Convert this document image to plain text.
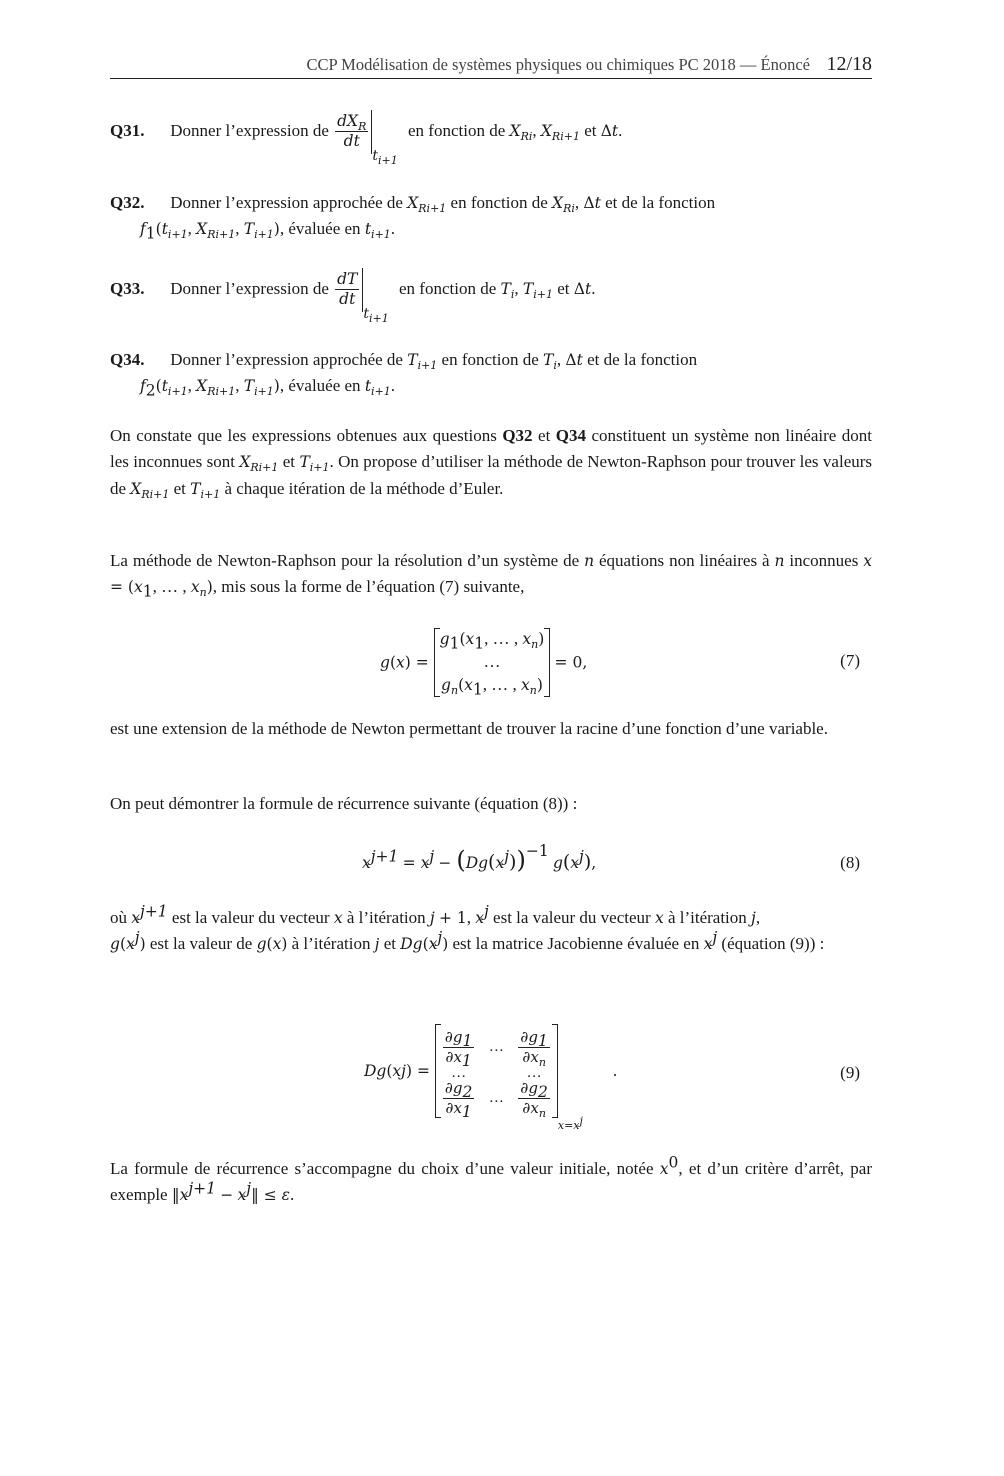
CCP Modélisation de systèmes physiques ou chimiques PC 2018 — Énoncé 12/18
Q31. Donner l’expression de $\frac{dX_R}{dt}$
$t_{i+1}$ en fonction de $X_{Ri}$, $X_{Ri+1}$ et Δt.
Q32. Donner l’expression approchée de $X_{Ri+1}$ en fonction de $X_{Ri}$, Δt et de la fonction
$f_1(t_{i+1}$, $X_{Ri+1}$, $T_{i+1}$), évaluée en $t_{i+1}$.
Q33. Donner l’expression de $\frac{dT}{dt}$
$t_{i+1}$ en fonction de $T_i$, $T_{i+1}$ et Δt.
Q34. Donner l’expression approchée de $T_{i+1}$ en fonction de $T_i$, Δt et de la fonction
$f_2(t_{i+1}$, $X_{Ri+1}$, $T_{i+1}$), évaluée en $t_{i+1}$.
On constate que les expressions obtenues aux questions Q32 et Q34 constituent un système non linéaire dont les inconnues sont $X_{Ri+1}$ et $T_{i+1}$. On propose d’utiliser la méthode de Newton-Raphson pour trouver les valeurs de $X_{Ri+1}$ et $T_{i+1}$ à chaque itération de la méthode d’Euler.
La méthode de Newton-Raphson pour la résolution d’un système de n équations non linéaires à n inconnues $x = (x_1$, … , $x_n$), mis sous la forme de l’équation (7) suivante,
g(x) =
$g_1(x_1$, … , $x_n$)
…
$g_n(x_1$, … , $x_n$)
= 0,	(7)
est une extension de la méthode de Newton permettant de trouver la racine d’une fonction d’une variable.
On peut démontrer la formule de récurrence suivante (équation (8)) :
$x^{j+1} = x^j - (Dg(x^j))^{-1}$ $g(x^j)$,	(8)
où $x^{j+1}$ est la valeur du vecteur x à l’itération j + 1, $x^j$ est la valeur du vecteur x à l’itération j,
$g(x^j)$ est la valeur de g(x) à l’itération j et $Dg(x^j)$ est la matrice Jacobienne évaluée en $x^j$ (équation (9)) :
Dg ( x j ) =
$\frac{\partial g_1}{\partial x_1}$ … $\frac{\partial g_1}{\partial x_n}$
…	…
$\frac{\partial g_2}{\partial x_1}$ … $\frac{\partial g_2}{\partial x_n}$
$x=x^j$
.	(9)
La formule de récurrence s’accompagne du choix d’une valeur initiale, notée $x^0$, et d’un critère d’arrêt, par exemple $‖x^{j+1}$ − $x^j‖ \le \varepsilon$.
